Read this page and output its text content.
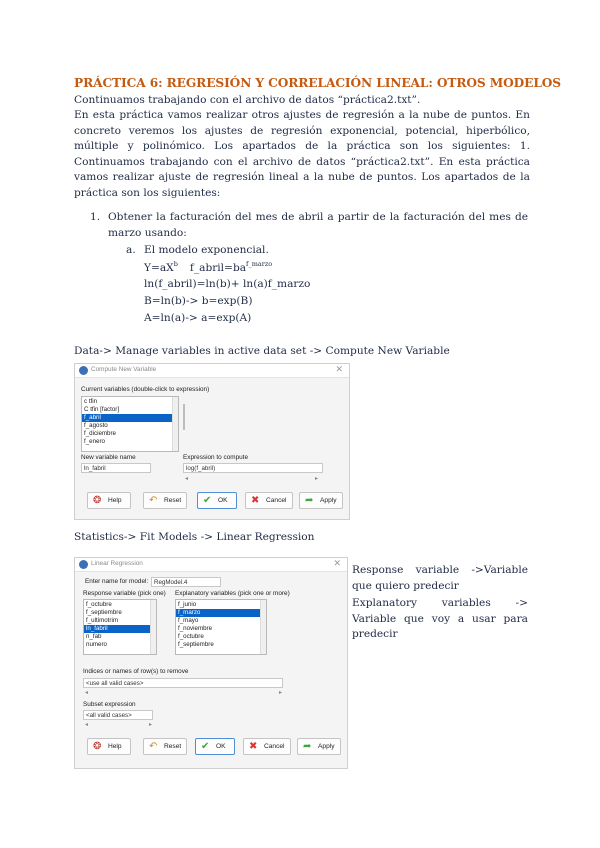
PRÁCTICA 6: REGRESIÓN Y CORRELACIÓN LINEAL: OTROS MODELOS
Continuamos trabajando con el archivo de datos “práctica2.txt”.
En esta práctica vamos realizar otros ajustes de regresión a la nube de puntos. En concreto veremos los ajustes de regresión exponencial, potencial, hiperbólico, múltiple y polinómico. Los apartados de la práctica son los siguientes: 1. Continuamos trabajando con el archivo de datos “práctica2.txt”. En esta práctica vamos realizar ajuste de regresión lineal a la nube de puntos. Los apartados de la práctica son los siguientes:
1. Obtener la facturación del mes de abril a partir de la facturación del mes de marzo usando:
a. El modelo exponencial.
$Y=aX^b$ $f\_abril=ba^{f\_marzo}$
ln(f_abril)=ln(b)+ ln(a)f_marzo
B=ln(b)-> b=exp(B)
A=ln(a)-> a=exp(A)
Data-> Manage variables in active data set -> Compute New Variable
Compute New Variable	✕
Current variables (double-click to expression)
c tfin
C tfin [factor]
f_abril
f_agosto
f_diciembre
f_enero
New variable name
ln_fabril
Expression to compute
log(f_abril)
◂	▸
❂ Help	↶ Reset ✔ OK ✖ Cancel ➦ Apply
Statistics-> Fit Models -> Linear Regression
Linear Regression	✕
Enter name for model: RegModel.4
Response variable (pick one)
f_octubre
f_septiembre
f_ultimotrim
ln_fabril
n_fab
numero
Explanatory variables (pick one or more)
f_junio
f_marzo
f_mayo
f_noviembre
f_octubre
f_septiembre
Indices or names of row(s) to remove
<use all valid cases>
◂	▸
Subset expression
<all valid cases>
◂	▸
❂ Help	↶ Reset ✔ OK ✖ Cancel ➦ Apply
Response variable ->Variable que quiero predecir
Explanatory variables -> Variable que voy a usar para predecir
